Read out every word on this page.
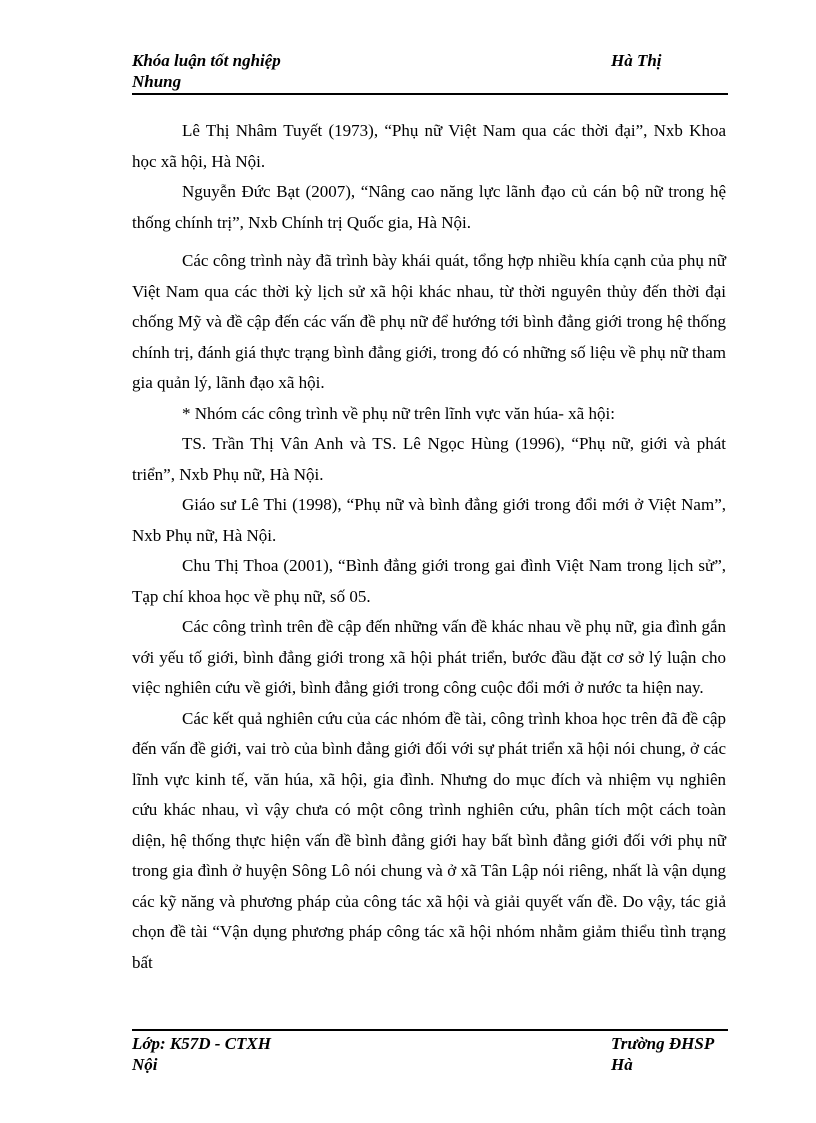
Khóa luận tốt nghiệp	Hà Thị
Nhung

Lê Thị Nhâm Tuyết (1973), “Phụ nữ Việt Nam qua các thời đại”, Nxb Khoa học xã hội, Hà Nội.

Nguyễn Đức Bạt (2007), “Nâng cao năng lực lãnh đạo củ cán bộ nữ trong hệ thống chính trị”, Nxb Chính trị Quốc gia, Hà Nội.

Các công trình này đã trình bày khái quát, tổng hợp nhiều khía cạnh của phụ nữ Việt Nam qua các thời kỳ lịch sử xã hội khác nhau, từ thời nguyên thủy đến thời đại chống Mỹ và đề cập đến các vấn đề phụ nữ để hướng tới bình đẳng giới trong hệ thống chính trị, đánh giá thực trạng bình đẳng giới, trong đó có những số liệu về phụ nữ tham gia quản lý, lãnh đạo xã hội.

* Nhóm các công trình về phụ nữ trên lĩnh vực văn húa- xã hội:

TS. Trần Thị Vân Anh và TS. Lê Ngọc Hùng (1996), “Phụ nữ, giới và phát triển”, Nxb Phụ nữ, Hà Nội.

Giáo sư Lê Thi (1998), “Phụ nữ và bình đẳng giới trong đổi mới ở Việt Nam”, Nxb Phụ nữ, Hà Nội.

Chu Thị Thoa (2001), “Bình đẳng giới trong gai đình Việt Nam trong lịch sử”, Tạp chí khoa học về phụ nữ, số 05.

Các công trình trên đề cập đến những vấn đề khác nhau về phụ nữ, gia đình gắn với yếu tố giới, bình đẳng giới trong xã hội phát triển, bước đầu đặt cơ sở lý luận cho việc nghiên cứu về giới, bình đẳng giới trong công cuộc đổi mới ở nước ta hiện nay.

Các kết quả nghiên cứu của các nhóm đề tài, công trình khoa học trên đã đề cập đến vấn đề giới, vai trò của bình đẳng giới đối với sự phát triển xã hội nói chung, ở các lĩnh vực kinh tế, văn húa, xã hội, gia đình. Nhưng do mục đích và nhiệm vụ nghiên cứu khác nhau, vì vậy chưa có một công trình nghiên cứu, phân tích một cách toàn diện, hệ thống thực hiện vấn đề bình đẳng giới hay bất bình đẳng giới đối với phụ nữ trong gia đình ở huyện Sông Lô nói chung và ở xã Tân Lập nói riêng, nhất là vận dụng các kỹ năng và phương pháp của công tác xã hội và giải quyết vấn đề. Do vậy, tác giả chọn đề tài “Vận dụng phương pháp công tác xã hội nhóm nhằm giảm thiểu tình trạng bất

Lớp: K57D - CTXH	Trường ĐHSP Hà
Nội
